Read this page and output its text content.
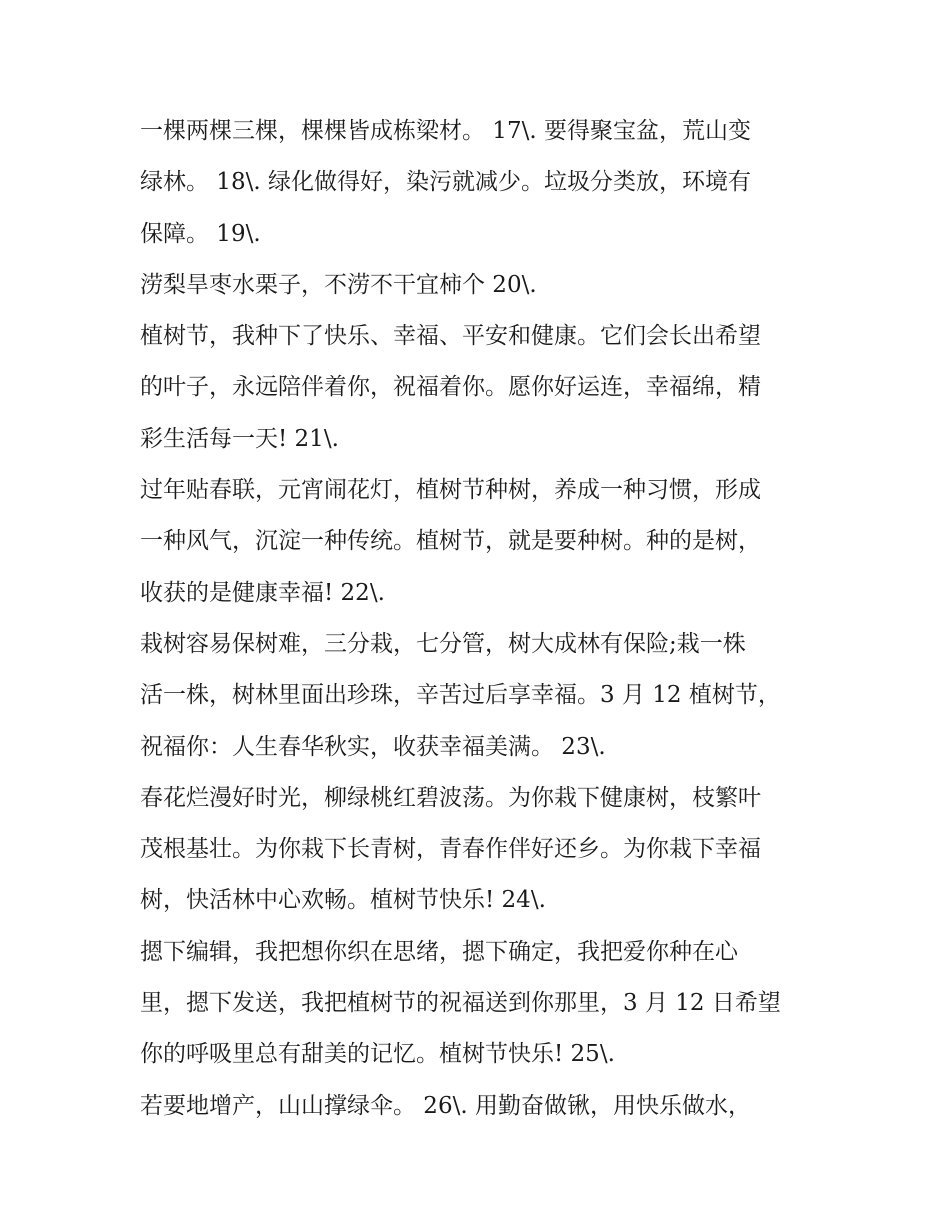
一棵两棵三棵，棵棵皆成栋梁材。 17\. 要得聚宝盆，荒山变
绿林。 18\. 绿化做得好，染污就减少。垃圾分类放，环境有
保障。 19\.
涝梨旱枣水栗子，不涝不干宜柿个 20\.
植树节，我种下了快乐、幸福、平安和健康。它们会长出希望
的叶子，永远陪伴着你，祝福着你。愿你好运连，幸福绵，精
彩生活每一天! 21\.
过年贴春联，元宵闹花灯，植树节种树，养成一种习惯，形成
一种风气，沉淀一种传统。植树节，就是要种树。种的是树，
收获的是健康幸福! 22\.
栽树容易保树难，三分栽，七分管，树大成林有保险;栽一株
活一株，树林里面出珍珠，辛苦过后享幸福。3 月 12 植树节，
祝福你：人生春华秋实，收获幸福美满。 23\.
春花烂漫好时光，柳绿桃红碧波荡。为你栽下健康树，枝繁叶
茂根基壮。为你栽下长青树，青春作伴好还乡。为你栽下幸福
树，快活林中心欢畅。植树节快乐! 24\.
摁下编辑，我把想你织在思绪，摁下确定，我把爱你种在心
里，摁下发送，我把植树节的祝福送到你那里，3 月 12 日希望
你的呼吸里总有甜美的记忆。植树节快乐! 25\.
若要地增产，山山撑绿伞。 26\. 用勤奋做锹，用快乐做水，
